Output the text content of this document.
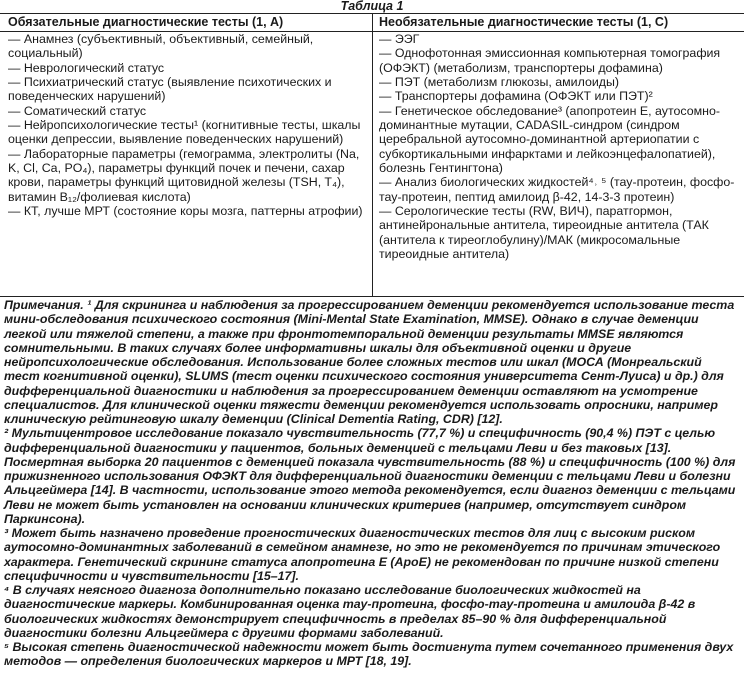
Таблица 1
Обязательные диагностические тесты (1, A)
— Анамнез (субъективный, объективный, семейный, социальный)
— Неврологический статус
— Психиатрический статус (выявление психотических и поведенческих нарушений)
— Соматический статус
— Нейропсихологические тесты¹ (когнитивные тесты, шкалы оценки депрессии, выявление поведенческих нарушений)
— Лабораторные параметры (гемограмма, электролиты (Na, K, Cl, Ca, PO₄), параметры функций почек и печени, сахар крови, параметры функций щитовидной железы (TSH, T₄), витамин B₁₂/фолиевая кислота)
— КТ, лучше МРТ (состояние коры мозга, паттерны атрофии)
Необязательные диагностические тесты (1, C)
— ЭЭГ
— Однофотонная эмиссионная компьютерная томография (ОФЭКТ) (метаболизм, транспортеры дофамина)
— ПЭТ (метаболизм глюкозы, амилоиды)
— Транспортеры дофамина (ОФЭКТ или ПЭТ)²
— Генетическое обследование³ (апопротеин E, аутосомно-доминантные мутации, CADASIL-синдром (синдром церебральной аутосомно-доминантной артериопатии с субкортикальными инфарктами и лейкоэнцефалопатией), болезнь Гентингтона)
— Анализ биологических жидкостей⁴˒ ⁵ (тау-протеин, фосфо-тау-протеин, пептид амилоид β-42, 14-3-3 протеин)
— Серологические тесты (RW, ВИЧ), паратгормон, антинейрональные антитела, тиреоидные антитела (ТАК (антитела к тиреоглобулину)/МАК (микросомальные тиреоидные антитела)
Примечания. ¹ Для скрининга и наблюдения за прогрессированием деменции рекомендуется использование теста мини-обследования психического состояния (Mini-Mental State Examination, MMSE). Однако в случае деменции легкой или тяжелой степени, а также при фронтотемпоральной деменции результаты MMSE являются сомнительными. В таких случаях более информативны шкалы для объективной оценки и другие нейропсихологические обследования. Использование более сложных тестов или шкал (МОСА (Монреальский тест когнитивной оценки), SLUMS (тест оценки психического состояния университета Сент-Луиса) и др.) для дифференциальной диагностики и наблюдения за прогрессированием деменции оставляют на усмотрение специалистов. Для клинической оценки тяжести деменции рекомендуется использовать опросники, например клиническую рейтинговую шкалу деменции (Clinical Dementia Rating, CDR) [12].
² Мультицентровое исследование показало чувствительность (77,7 %) и специфичность (90,4 %) ПЭТ с целью дифференциальной диагностики у пациентов, больных деменцией с тельцами Леви и без таковых [13]. Посмертная выборка 20 пациентов с деменцией показала чувствительность (88 %) и специфичность (100 %) для прижизненного использования ОФЭКТ для дифференциальной диагностики деменции с тельцами Леви и болезни Альцгеймера [14]. В частности, использование этого метода рекомендуется, если диагноз деменции с тельцами Леви не может быть установлен на основании клинических критериев (например, отсутствует синдром Паркинсона).
³ Может быть назначено проведение прогностических диагностических тестов для лиц с высоким риском аутосомно-доминантных заболеваний в семейном анамнезе, но это не рекомендуется по причинам этического характера. Генетический скрининг статуса апопротеина E (ApoE) не рекомендован по причине низкой степени специфичности и чувствительности [15–17].
⁴ В случаях неясного диагноза дополнительно показано исследование биологических жидкостей на диагностические маркеры. Комбинированная оценка тау-протеина, фосфо-тау-протеина и амилоида β-42 в биологических жидкостях демонстрирует специфичность в пределах 85–90 % для дифференциальной диагностики болезни Альцгеймера с другими формами заболеваний.
⁵ Высокая степень диагностической надежности может быть достигнута путем сочетанного применения двух методов — определения биологических маркеров и МРТ [18, 19].
